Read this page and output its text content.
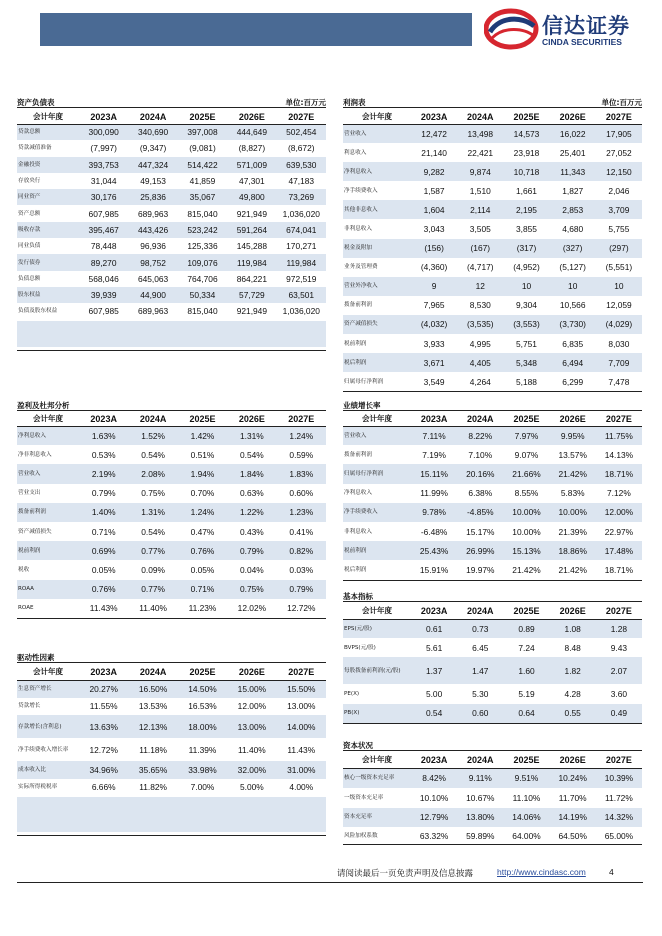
信达证券
CINDA SECURITIES
资产负债表	单位:百万元
会计年度	2023A	2024A	2025E	2026E	2027E
贷款总额	300,090	340,690	397,008	444,649	502,454
贷款减值准备	(7,997)	(9,347)	(9,081)	(8,827)	(8,672)
金融投资	393,753	447,324	514,422	571,009	639,530
存放央行	31,044	49,153	41,859	47,301	47,183
同业资产	30,176	25,836	35,067	49,800	73,269
资产总额	607,985	689,963	815,040	921,949	1,036,020
吸收存款	395,467	443,426	523,242	591,264	674,041
同业负债	78,448	96,936	125,336	145,288	170,271
发行债券	89,270	98,752	109,076	119,984	119,984
负债总额	568,046	645,063	764,706	864,221	972,519
股东权益	39,939	44,900	50,334	57,729	63,501
负债及股东权益	607,985	689,963	815,040	921,949	1,036,020
利润表	单位:百万元
会计年度	2023A	2024A	2025E	2026E	2027E
营业收入	12,472	13,498	14,573	16,022	17,905
利息收入	21,140	22,421	23,918	25,401	27,052
净利息收入	9,282	9,874	10,718	11,343	12,150
净手续费收入	1,587	1,510	1,661	1,827	2,046
其他非息收入	1,604	2,114	2,195	2,853	3,709
非利息收入	3,043	3,505	3,855	4,680	5,755
税金及附加	(156)	(167)	(317)	(327)	(297)
业务及管理费	(4,360)	(4,717)	(4,952)	(5,127)	(5,551)
营业外净收入	9	12	10	10	10
拨备前利润	7,965	8,530	9,304	10,566	12,059
资产减值损失	(4,032)	(3,535)	(3,553)	(3,730)	(4,029)
税前利润	3,933	4,995	5,751	6,835	8,030
税后利润	3,671	4,405	5,348	6,494	7,709
归属母行净利润	3,549	4,264	5,188	6,299	7,478
盈利及杜邦分析
会计年度	2023A	2024A	2025E	2026E	2027E
净利息收入	1.63%	1.52%	1.42%	1.31%	1.24%
净非利息收入	0.53%	0.54%	0.51%	0.54%	0.59%
营业收入	2.19%	2.08%	1.94%	1.84%	1.83%
营业支出	0.79%	0.75%	0.70%	0.63%	0.60%
拨备前利润	1.40%	1.31%	1.24%	1.22%	1.23%
资产减值损失	0.71%	0.54%	0.47%	0.43%	0.41%
税前利润	0.69%	0.77%	0.76%	0.79%	0.82%
税收	0.05%	0.09%	0.05%	0.04%	0.03%
ROAA	0.76%	0.77%	0.71%	0.75%	0.79%
ROAE	11.43%	11.40%	11.23%	12.02%	12.72%
业绩增长率
会计年度	2023A	2024A	2025E	2026E	2027E
营业收入	7.11%	8.22%	7.97%	9.95%	11.75%
拨备前利润	7.19%	7.10%	9.07%	13.57%	14.13%
归属母行净利润	15.11%	20.16%	21.66%	21.42%	18.71%
净利息收入	11.99%	6.38%	8.55%	5.83%	7.12%
净手续费收入	9.78%	-4.85%	10.00%	10.00%	12.00%
非利息收入	-6.48%	15.17%	10.00%	21.39%	22.97%
税前利润	25.43%	26.99%	15.13%	18.86%	17.48%
税后利润	15.91%	19.97%	21.42%	21.42%	18.71%
基本指标
会计年度	2023A	2024A	2025E	2026E	2027E
EPS(元/股)	0.61	0.73	0.89	1.08	1.28
BVPS(元/股)	5.61	6.45	7.24	8.48	9.43
每股拨备前利润(元/股)	1.37	1.47	1.60	1.82	2.07
PE(X)	5.00	5.30	5.19	4.28	3.60
PB(X)	0.54	0.60	0.64	0.55	0.49
驱动性因素
会计年度	2023A	2024A	2025E	2026E	2027E
生息资产增长	20.27%	16.50%	14.50%	15.00%	15.50%
贷款增长	11.55%	13.53%	16.53%	12.00%	13.00%
存款增长(含利息)	13.63%	12.13%	18.00%	13.00%	14.00%
净手续费收入增长率	12.72%	11.18%	11.39%	11.40%	11.43%
成本收入比	34.96%	35.65%	33.98%	32.00%	31.00%
实际所得税税率	6.66%	11.82%	7.00%	5.00%	4.00%
资本状况
会计年度	2023A	2024A	2025E	2026E	2027E
核心一级资本充足率	8.42%	9.11%	9.51%	10.24%	10.39%
一级资本充足率	10.10%	10.67%	11.10%	11.70%	11.72%
资本充足率	12.79%	13.80%	14.06%	14.19%	14.32%
风险加权系数	63.32%	59.89%	64.00%	64.50%	65.00%
请阅读最后一页免责声明及信息披露	http://www.cindasc.com	4
